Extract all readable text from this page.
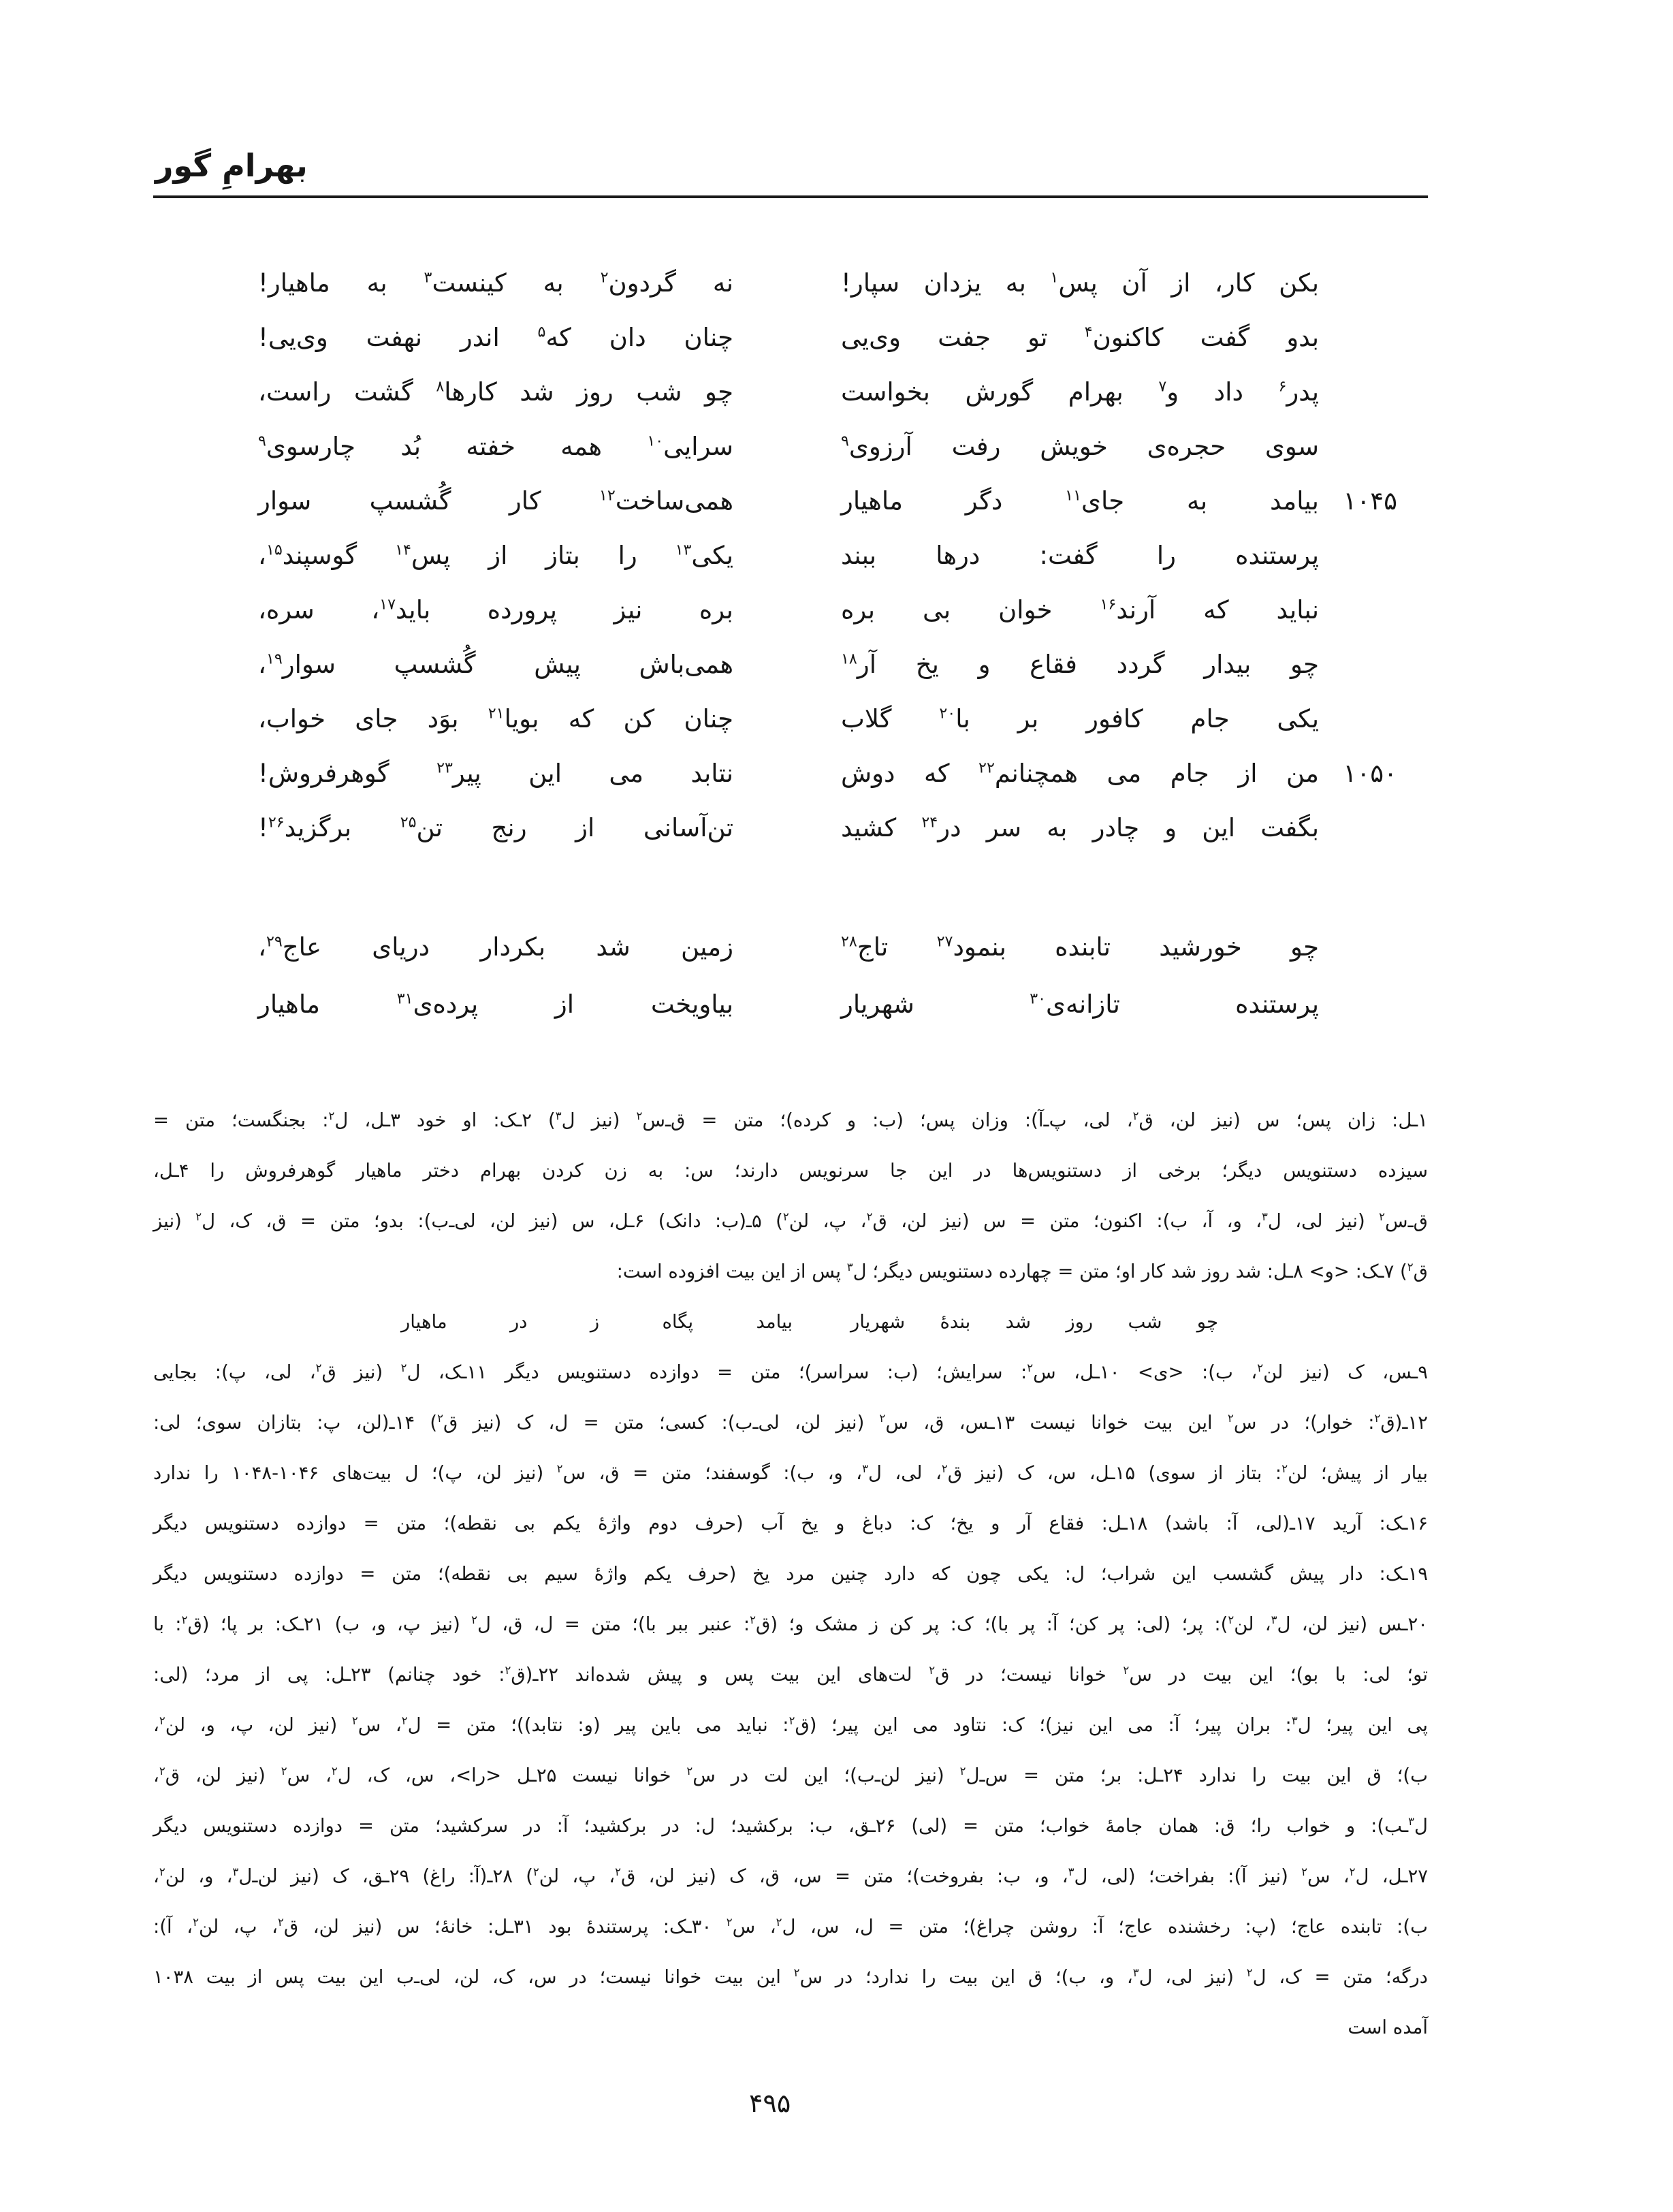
بهرامِ گور
بکن کار، از آن پس$^۱$ به یزدان سپار!
نه گردون$^۲$ به کینست$^۳$ به ماهیار!
بدو گفت کاکنون$^۴$ تو جفت وی‌یی
چنان دان که$^۵$ اندر نهفت وی‌یی!
پدر$^۶$ داد و$^۷$ بهرام گورش بخواست
چو شب روز شد کارها$^۸$ گشت راست،
سوی حجره‌ی خویش رفت آرزوی$^۹$
سرایی$^{۱۰}$ همه خفته بُد چارسوی$^۹$
۱۰۴۵
بیامد به جای$^{۱۱}$ دگر ماهیار
همی‌ساخت$^{۱۲}$ کار گُشسپ سوار
پرستنده را گفت: درها ببند
یکی$^{۱۳}$ را بتاز از پس$^{۱۴}$ گوسپند$^{۱۵}$،
نباید که آرند$^{۱۶}$ خوان بی بره
بره نیز پرورده باید$^{۱۷}$، سره،
چو بیدار گردد فقاع و یخ آر$^{۱۸}$
همی‌باش پیش گُشسپ سوار$^{۱۹}$،
یکی جام کافور بر با$^{۲۰}$ گلاب
چنان کن که بویا$^{۲۱}$ بوَد جای خواب،
۱۰۵۰
من از جام می همچنانم$^{۲۲}$ که دوش
نتابد می این پیر$^{۲۳}$ گوهرفروش!
بگفت این و چادر به سر در$^{۲۴}$ کشید
تن‌آسانی از رنج تن$^{۲۵}$ برگزید$^{۲۶}$!
چو خورشید تابنده بنمود$^{۲۷}$ تاج$^{۲۸}$
زمین شد بکردار دریای عاج$^{۲۹}$،
پرستنده تازانه‌ی$^{۳۰}$ شهریار
بیاویخت از پرده‌ی$^{۳۱}$ ماهیار
۱ـل: زان پس؛ س (نیز لن، ق$^۲$، لی، پ‌ـ‌آ): وزان پس؛ (ب: و کرده)؛ متن = ق‌ـ‌س$^۲$ (نیز ل$^۳$) ۲ـک: او خود ۳ـل، ل$^۲$: بجنگست؛ متن =
سیزده دستنویس دیگر؛ برخی از دستنویس‌ها در این جا سرنویس دارند؛ س: به زن کردن بهرام دختر ماهیار گوهرفروش را ۴ـل،
ق‌ـ‌س$^۲$ (نیز لی، ل$^۳$، و، آ، ب): اکنون؛ متن = س (نیز لن، ق$^۲$، پ، لن$^۲$) ۵ـ(ب: دانک) ۶ـل، س (نیز لن، لی‌ـ‌ب): بدو؛ متن = ق، ک، ل$^۲$ (نیز
ق$^۲$) ۷ـک: <و> ۸ـل: شد روز شد کار او؛ متن = چهارده دستنویس دیگر؛ ل$^۳$ پس از این بیت افزوده است:
چو شب روز شد بندهٔ شهریار
بیامد پگاه ز در ماهیار
۹ـس، ک (نیز لن$^۲$، ب): <ی> ۱۰ـل، س$^۲$: سرایش؛ (ب: سراسر)؛ متن = دوازده دستنویس دیگر ۱۱ـک، ل$^۲$ (نیز ق$^۲$، لی، پ): بجایی
۱۲ـ(ق$^۲$: خوار)؛ در س$^۲$ این بیت خوانا نیست ۱۳ـس، ق، س$^۲$ (نیز لن، لی‌ـ‌ب): کسی؛ متن = ل، ک (نیز ق$^۲$) ۱۴ـ(لن، پ: بتازان سوی؛ لی:
بیار از پیش؛ لن$^۲$: بتاز از سوی) ۱۵ـل، س، ک (نیز ق$^۲$، لی، ل$^۳$، و، ب): گوسفند؛ متن = ق، س$^۲$ (نیز لن، پ)؛ ل بیت‌های ۱۰۴۶-۱۰۴۸ را ندارد
۱۶ـک: آرید ۱۷ـ(لی، آ: باشد) ۱۸ـل: فقاع آر و یخ؛ ک: دباغ و یخ آب (حرف دوم واژهٔ یکم بی نقطه)؛ متن = دوازده دستنویس دیگر
۱۹ـک: دار پیش گشسب این شراب؛ ل: یکی چون که دارد چنین مرد یخ (حرف یکم واژهٔ سیم بی نقطه)؛ متن = دوازده دستنویس دیگر
۲۰ـس (نیز لن، ل$^۳$، لن$^۲$): پر؛ (لی: پر کن؛ آ: پر با)؛ ک: پر کن ز مشک و؛ (ق$^۲$: عنبر ببر با)؛ متن = ل، ق، ل$^۲$ (نیز پ، و، ب) ۲۱ـک: بر پا؛ (ق$^۲$: با
تو؛ لی: با بو)؛ این بیت در س$^۲$ خوانا نیست؛ در ق$^۲$ لت‌های این بیت پس و پیش شده‌اند ۲۲ـ(ق$^۲$: خود چنانم) ۲۳ـل: پی از مرد؛ (لی:
پی این پیر؛ ل$^۳$: بران پیر؛ آ: می این نیز)؛ ک: نتاود می این پیر؛ (ق$^۲$: نباید می باین پیر (و: نتابد))؛ متن = ل$^۲$، س$^۲$ (نیز لن، پ، و، لن$^۲$،
ب)؛ ق این بیت را ندارد ۲۴ـل: بر؛ متن = س‌ـ‌ل$^۲$ (نیز لن‌ـ‌ب)؛ این لت در س$^۲$ خوانا نیست ۲۵ـل <را>، س، ک، ل$^۲$، س$^۲$ (نیز لن، ق$^۲$،
ل$^۳$ـب): و خواب را؛ ق: همان جامهٔ خواب؛ متن = (لی) ۲۶ـق، ب: برکشید؛ ل: در برکشید؛ آ: در سرکشید؛ متن = دوازده دستنویس دیگر
۲۷ـل، ل$^۲$، س$^۲$ (نیز آ): بفراخت؛ (لی، ل$^۳$، و، ب: بفروخت)؛ متن = س، ق، ک (نیز لن، ق$^۲$، پ، لن$^۲$) ۲۸ـ(آ: راغ) ۲۹ـق، ک (نیز لن‌ـ‌ل$^۳$، و، لن$^۲$،
ب): تابنده عاج؛ (پ: رخشنده عاج؛ آ: روشن چراغ)؛ متن = ل، س، ل$^۲$، س$^۲$ ۳۰ـک: پرستندهٔ بود ۳۱ـل: خانهٔ؛ س (نیز لن، ق$^۲$، پ، لن$^۲$، آ):
درگه؛ متن = ک، ل$^۲$ (نیز لی، ل$^۳$، و، ب)؛ ق این بیت را ندارد؛ در س$^۲$ این بیت خوانا نیست؛ در س، ک، لن، لی‌ـ‌ب این بیت پس از بیت ۱۰۳۸
آمده است
۴۹۵
